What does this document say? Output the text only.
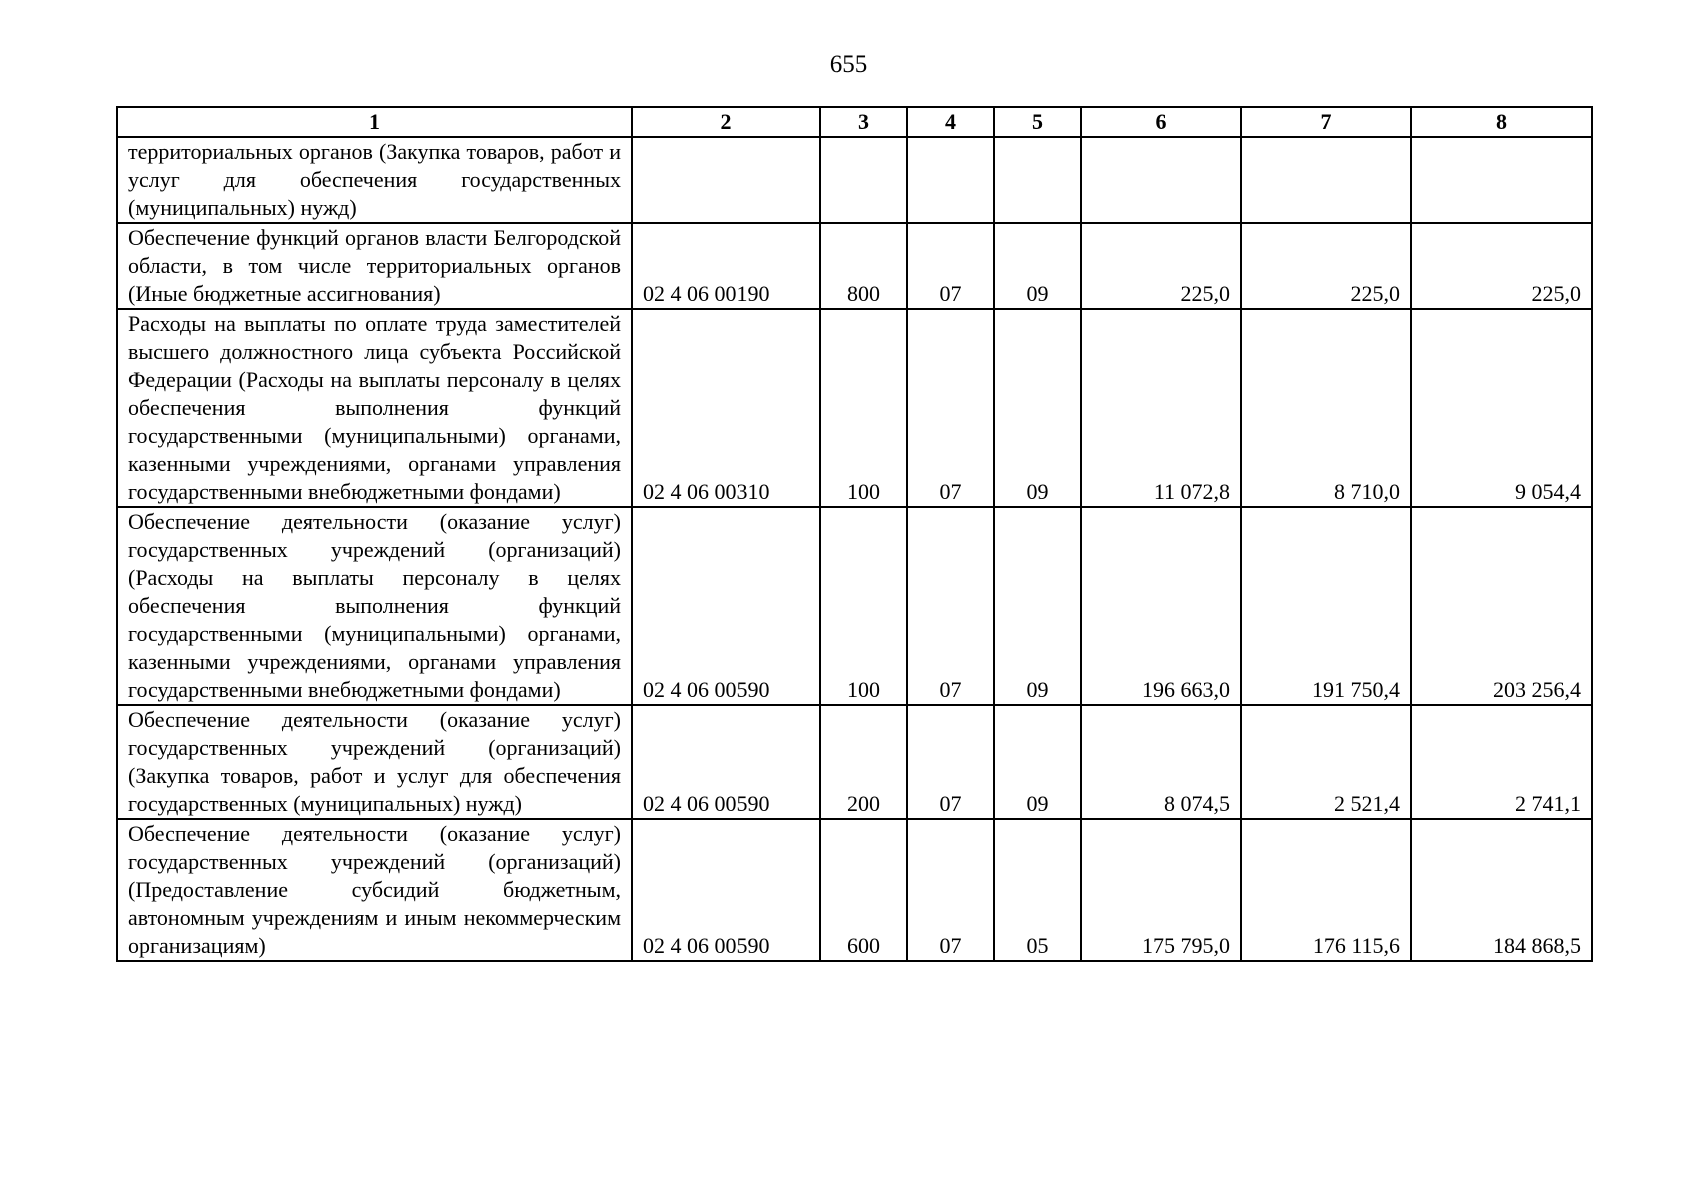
655
1	2	3	4	5	6	7	8
территориальных органов (Закупка товаров, работ и услуг для обеспечения государственных (муниципальных) нужд)							
Обеспечение функций органов власти Белгородской области, в том числе территориальных органов (Иные бюджетные ассигнования)	02 4 06 00190	800	07	09	225,0	225,0	225,0
Расходы на выплаты по оплате труда заместителей высшего должностного лица субъекта Российской Федерации (Расходы на выплаты персоналу в целях обеспечения выполнения функций государственными (муниципальными) органами, казенными учреждениями, органами управления государственными внебюджетными фондами)	02 4 06 00310	100	07	09	11 072,8	8 710,0	9 054,4
Обеспечение деятельности (оказание услуг) государственных учреждений (организаций) (Расходы на выплаты персоналу в целях обеспечения выполнения функций государственными (муниципальными) органами, казенными учреждениями, органами управления государственными внебюджетными фондами)	02 4 06 00590	100	07	09	196 663,0	191 750,4	203 256,4
Обеспечение деятельности (оказание услуг) государственных учреждений (организаций) (Закупка товаров, работ и услуг для обеспечения государственных (муниципальных) нужд)	02 4 06 00590	200	07	09	8 074,5	2 521,4	2 741,1
Обеспечение деятельности (оказание услуг) государственных учреждений (организаций) (Предоставление субсидий бюджетным, автономным учреждениям и иным некоммерческим организациям)	02 4 06 00590	600	07	05	175 795,0	176 115,6	184 868,5
